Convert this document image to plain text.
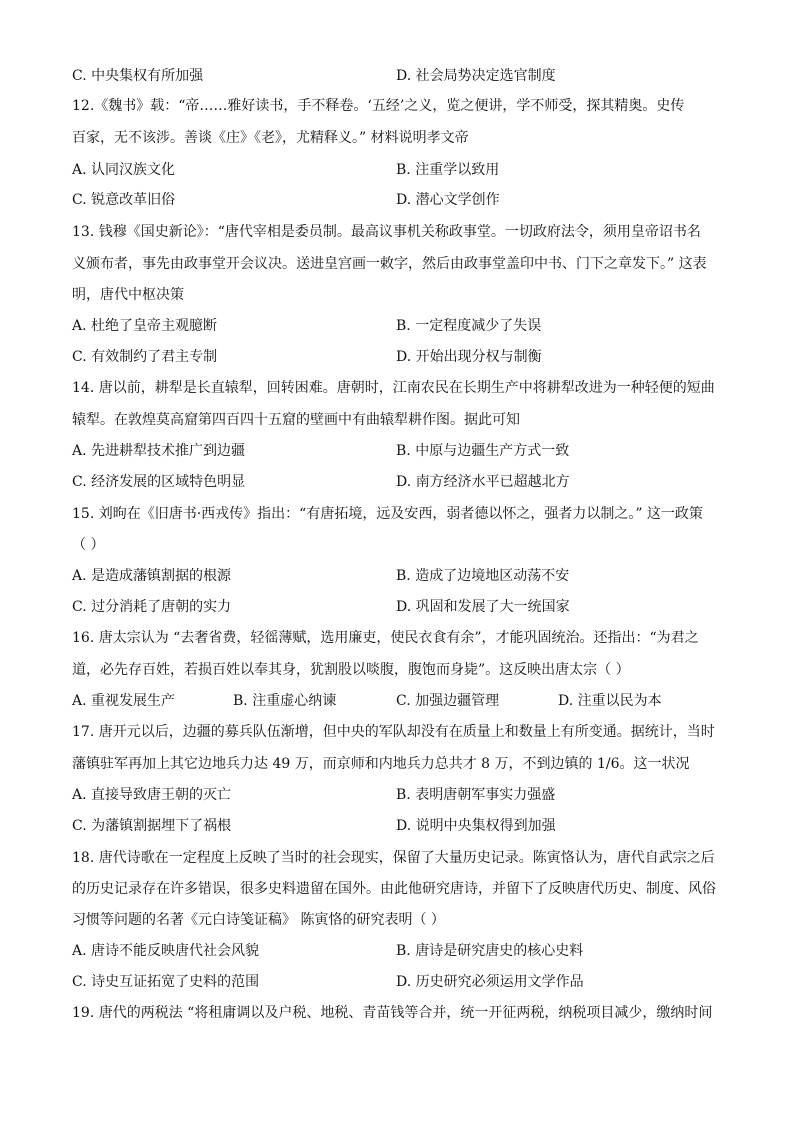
C. 中央集权有所加强	D. 社会局势决定选官制度
12.《魏书》载：“帝……雅好读书，手不释卷。‘五经’之义，览之便讲，学不师受，探其精奥。史传
百家，无不该涉。善谈《庄》《老》，尤精释义。” 材料说明孝文帝
A. 认同汉族文化	B. 注重学以致用
C. 锐意改革旧俗	D. 潜心文学创作
13. 钱穆《国史新论》：“唐代宰相是委员制。最高议事机关称政事堂。一切政府法令，须用皇帝诏书名
义颁布者，事先由政事堂开会议决。送进皇宫画一敕字，然后由政事堂盖印中书、门下之章发下。” 这表
明，唐代中枢决策
A. 杜绝了皇帝主观臆断	B. 一定程度减少了失误
C. 有效制约了君主专制	D. 开始出现分权与制衡
14. 唐以前，耕犁是长直辕犁，回转困难。唐朝时，江南农民在长期生产中将耕犁改进为一种轻便的短曲
辕犁。在敦煌莫高窟第四百四十五窟的壁画中有曲辕犁耕作图。据此可知
A. 先进耕犁技术推广到边疆	B. 中原与边疆生产方式一致
C. 经济发展的区域特色明显	D. 南方经济水平已超越北方
15. 刘昫在《旧唐书·西戎传》指出：“有唐拓境，远及安西，弱者德以怀之，强者力以制之。” 这一政策
（ ）
A. 是造成藩镇割据的根源	B. 造成了边境地区动荡不安
C. 过分消耗了唐朝的实力	D. 巩固和发展了大一统国家
16. 唐太宗认为 “去奢省费，轻徭薄赋，选用廉吏，使民衣食有余”，才能巩固统治。还指出：“为君之
道，必先存百姓，若损百姓以奉其身，犹割股以啖腹，腹饱而身毙”。这反映出唐太宗（ ）
A. 重视发展生产	B. 注重虚心纳谏	C. 加强边疆管理	D. 注重以民为本
17. 唐开元以后，边疆的募兵队伍渐增，但中央的军队却没有在质量上和数量上有所变通。据统计，当时
藩镇驻军再加上其它边地兵力达 49 万，而京师和内地兵力总共才 8 万，不到边镇的 1/6。这一状况
A. 直接导致唐王朝的灭亡	B. 表明唐朝军事实力强盛
C. 为藩镇割据埋下了祸根	D. 说明中央集权得到加强
18. 唐代诗歌在一定程度上反映了当时的社会现实，保留了大量历史记录。陈寅恪认为，唐代自武宗之后
的历史记录存在许多错误，很多史料遗留在国外。由此他研究唐诗，并留下了反映唐代历史、制度、风俗
习惯等问题的名著《元白诗笺证稿》 陈寅恪的研究表明（ ）
A. 唐诗不能反映唐代社会风貌	B. 唐诗是研究唐史的核心史料
C. 诗史互证拓宽了史料的范围	D. 历史研究必须运用文学作品
19. 唐代的两税法 “将租庸调以及户税、地税、青苗钱等合并，统一开征两税，纳税项目减少，缴纳时间
